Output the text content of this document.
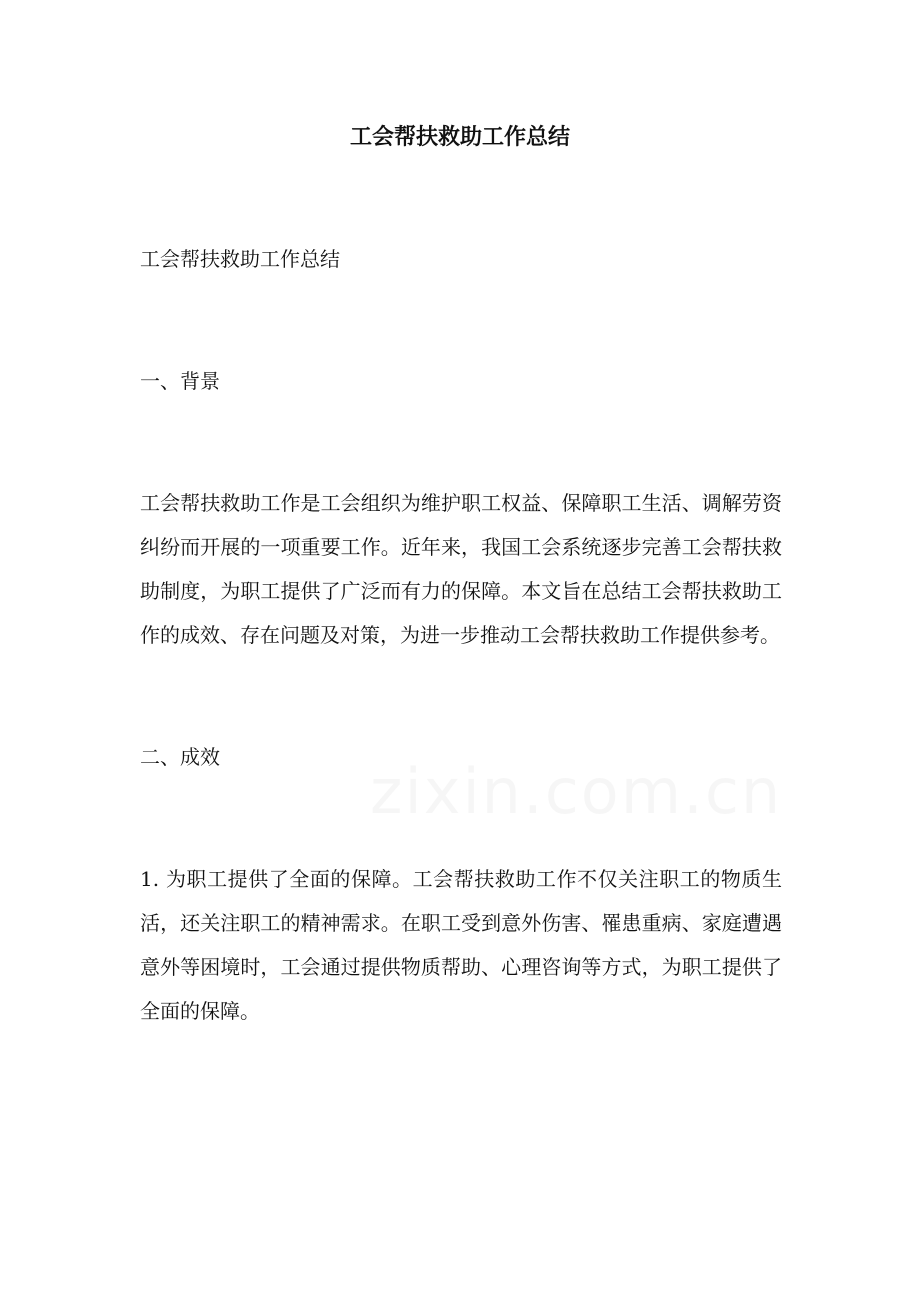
工会帮扶救助工作总结

工会帮扶救助工作总结

一、背景

工会帮扶救助工作是工会组织为维护职工权益、保障职工生活、调解劳资纠纷而开展的一项重要工作。近年来，我国工会系统逐步完善工会帮扶救助制度，为职工提供了广泛而有力的保障。本文旨在总结工会帮扶救助工作的成效、存在问题及对策，为进一步推动工会帮扶救助工作提供参考。

二、成效

1. 为职工提供了全面的保障。工会帮扶救助工作不仅关注职工的物质生活，还关注职工的精神需求。在职工受到意外伤害、罹患重病、家庭遭遇意外等困境时，工会通过提供物质帮助、心理咨询等方式，为职工提供了全面的保障。
